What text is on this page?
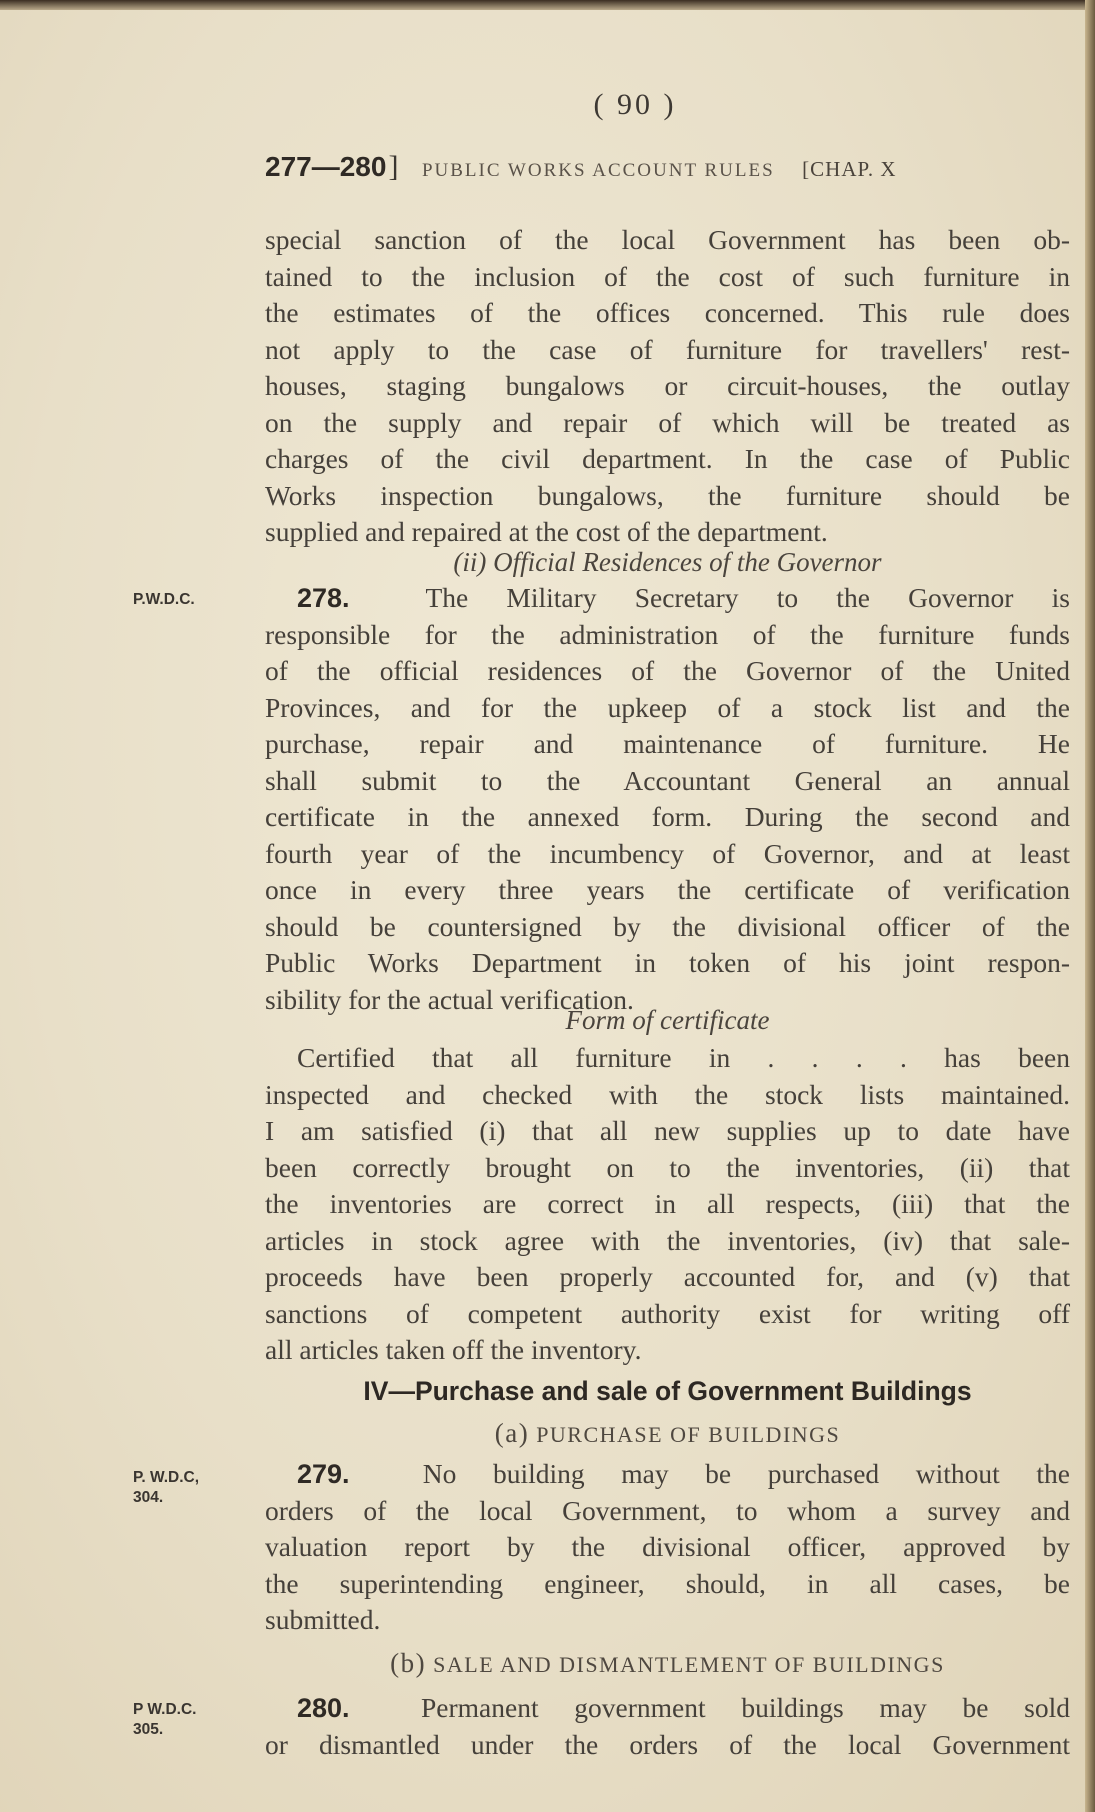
( 90 )
277—280] PUBLIC WORKS ACCOUNT RULES [CHAP. X
special sanction of the local Government has been ob-
tained to the inclusion of the cost of such furniture in
the estimates of the offices concerned. This rule does
not apply to the case of furniture for travellers' rest-
houses, staging bungalows or circuit-houses, the outlay
on the supply and repair of which will be treated as
charges of the civil department. In the case of Public
Works inspection bungalows, the furniture should be
supplied and repaired at the cost of the department.
(ii) Official Residences of the Governor
P.W.D.C.	278.	The Military Secretary to the Governor is
responsible for the administration of the furniture funds
of the official residences of the Governor of the United
Provinces, and for the upkeep of a stock list and the
purchase, repair and maintenance of furniture. He
shall submit to the Accountant General an annual
certificate in the annexed form. During the second and
fourth year of the incumbency of Governor, and at least
once in every three years the certificate of verification
should be countersigned by the divisional officer of the
Public Works Department in token of his joint respon-
sibility for the actual verification.
Form of certificate
Certified that all furniture in . . . . has been
inspected and checked with the stock lists maintained.
I am satisfied (i) that all new supplies up to date have
been correctly brought on to the inventories, (ii) that
the inventories are correct in all respects, (iii) that the
articles in stock agree with the inventories, (iv) that sale-
proceeds have been properly accounted for, and (v) that
sanctions of competent authority exist for writing off
all articles taken off the inventory.
IV—Purchase and sale of Government Buildings
(a) PURCHASE OF BUILDINGS
P. W.D.C,
304.
279.	No building may be purchased without the
orders of the local Government, to whom a survey and
valuation report by the divisional officer, approved by
the superintending engineer, should, in all cases, be
submitted.
(b) SALE AND DISMANTLEMENT OF BUILDINGS
P W.D.C.
305.
280.	Permanent government buildings may be sold
or dismantled under the orders of the local Government
